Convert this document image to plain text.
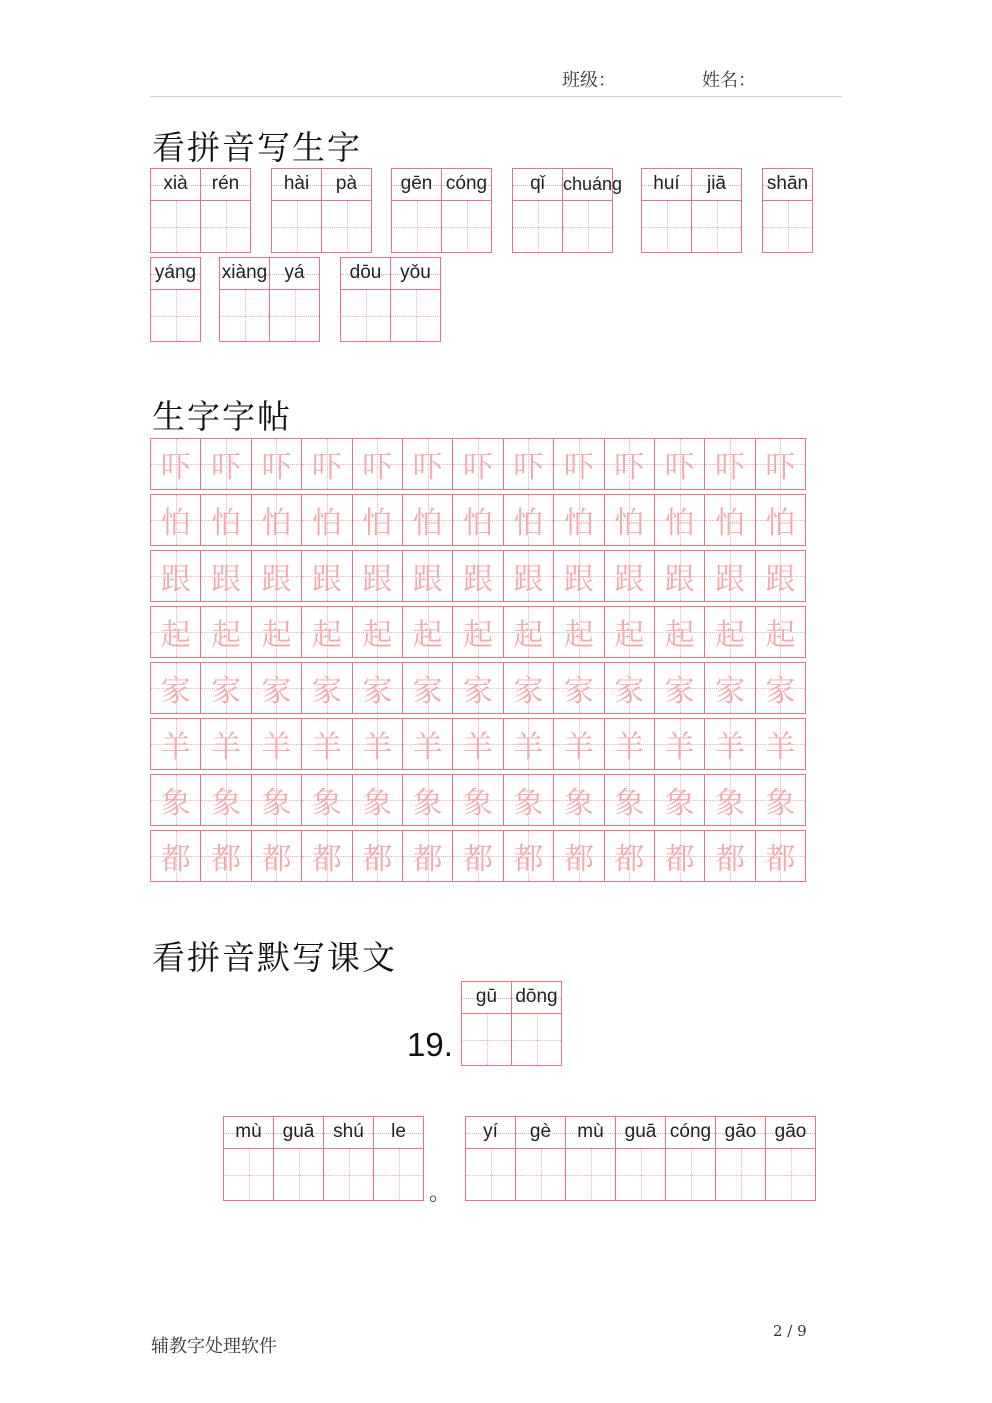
班级：	姓名：
看拼音写生字
xià	rén	hài	pà	gēn cóng	qǐ	chuáng	huí	jiā	shān
yáng xiàng yá	dōu yǒu
生字字帖
吓 吓 吓 吓 吓 吓 吓 吓 吓 吓 吓 吓 吓
怕 怕 怕 怕 怕 怕 怕 怕 怕 怕 怕 怕 怕
跟 跟 跟 跟 跟 跟 跟 跟 跟 跟 跟 跟 跟
起 起 起 起 起 起 起 起 起 起 起 起 起
家 家 家 家 家 家 家 家 家 家 家 家 家
羊 羊 羊 羊 羊 羊 羊 羊 羊 羊 羊 羊 羊
象 象 象 象 象 象 象 象 象 象 象 象 象
都 都 都 都 都 都 都 都 都 都 都 都 都
看拼音默写课文
19.
gū dōng
mù	guā shú	le
。
yí	gè	mù	guā cóng gāo gāo
辅教字处理软件
2 / 9
